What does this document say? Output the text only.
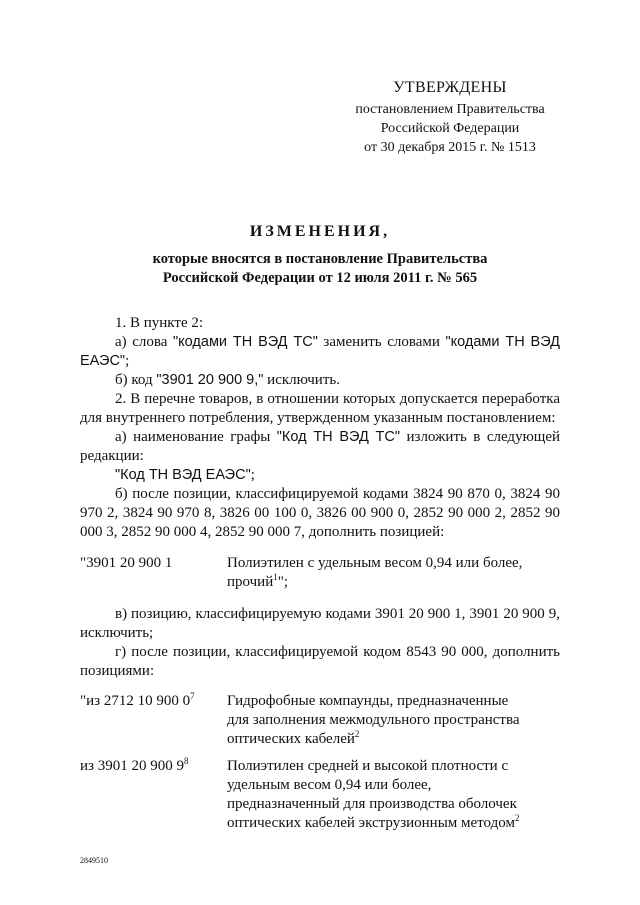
УТВЕРЖДЕНЫ
постановлением Правительства
Российской Федерации
от 30 декабря 2015 г. № 1513
ИЗМЕНЕНИЯ,
которые вносятся в постановление Правительства
Российской Федерации от 12 июля 2011 г. № 565
1. В пункте 2:
а) слова "кодами ТН ВЭД ТС" заменить словами "кодами ТН ВЭД ЕАЭС";
б) код "3901 20 900 9," исключить.
2. В перечне товаров, в отношении которых допускается переработка для внутреннего потребления, утвержденном указанным постановлением:
а) наименование графы "Код ТН ВЭД ТС" изложить в следующей редакции:
"Код ТН ВЭД ЕАЭС";
б) после позиции, классифицируемой кодами 3824 90 870 0, 3824 90 970 2, 3824 90 970 8, 3826 00 100 0, 3826 00 900 0, 2852 90 000 2, 2852 90 000 3, 2852 90 000 4, 2852 90 000 7, дополнить позицией:
"3901 20 900 1	Полиэтилен с удельным весом 0,94 или более, прочий$^1$";
в) позицию, классифицируемую кодами 3901 20 900 1, 3901 20 900 9, исключить;
г) после позиции, классифицируемой кодом 8543 90 000, дополнить позициями:
"из 2712 10 900 $0^7$	Гидрофобные компаунды, предназначенные для заполнения межмодульного пространства оптических кабелей$^2$
из 3901 20 900 $9^8$	Полиэтилен средней и высокой плотности с удельным весом 0,94 или более, предназначенный для производства оболочек оптических кабелей экструзионным методом$^2$
2849510
